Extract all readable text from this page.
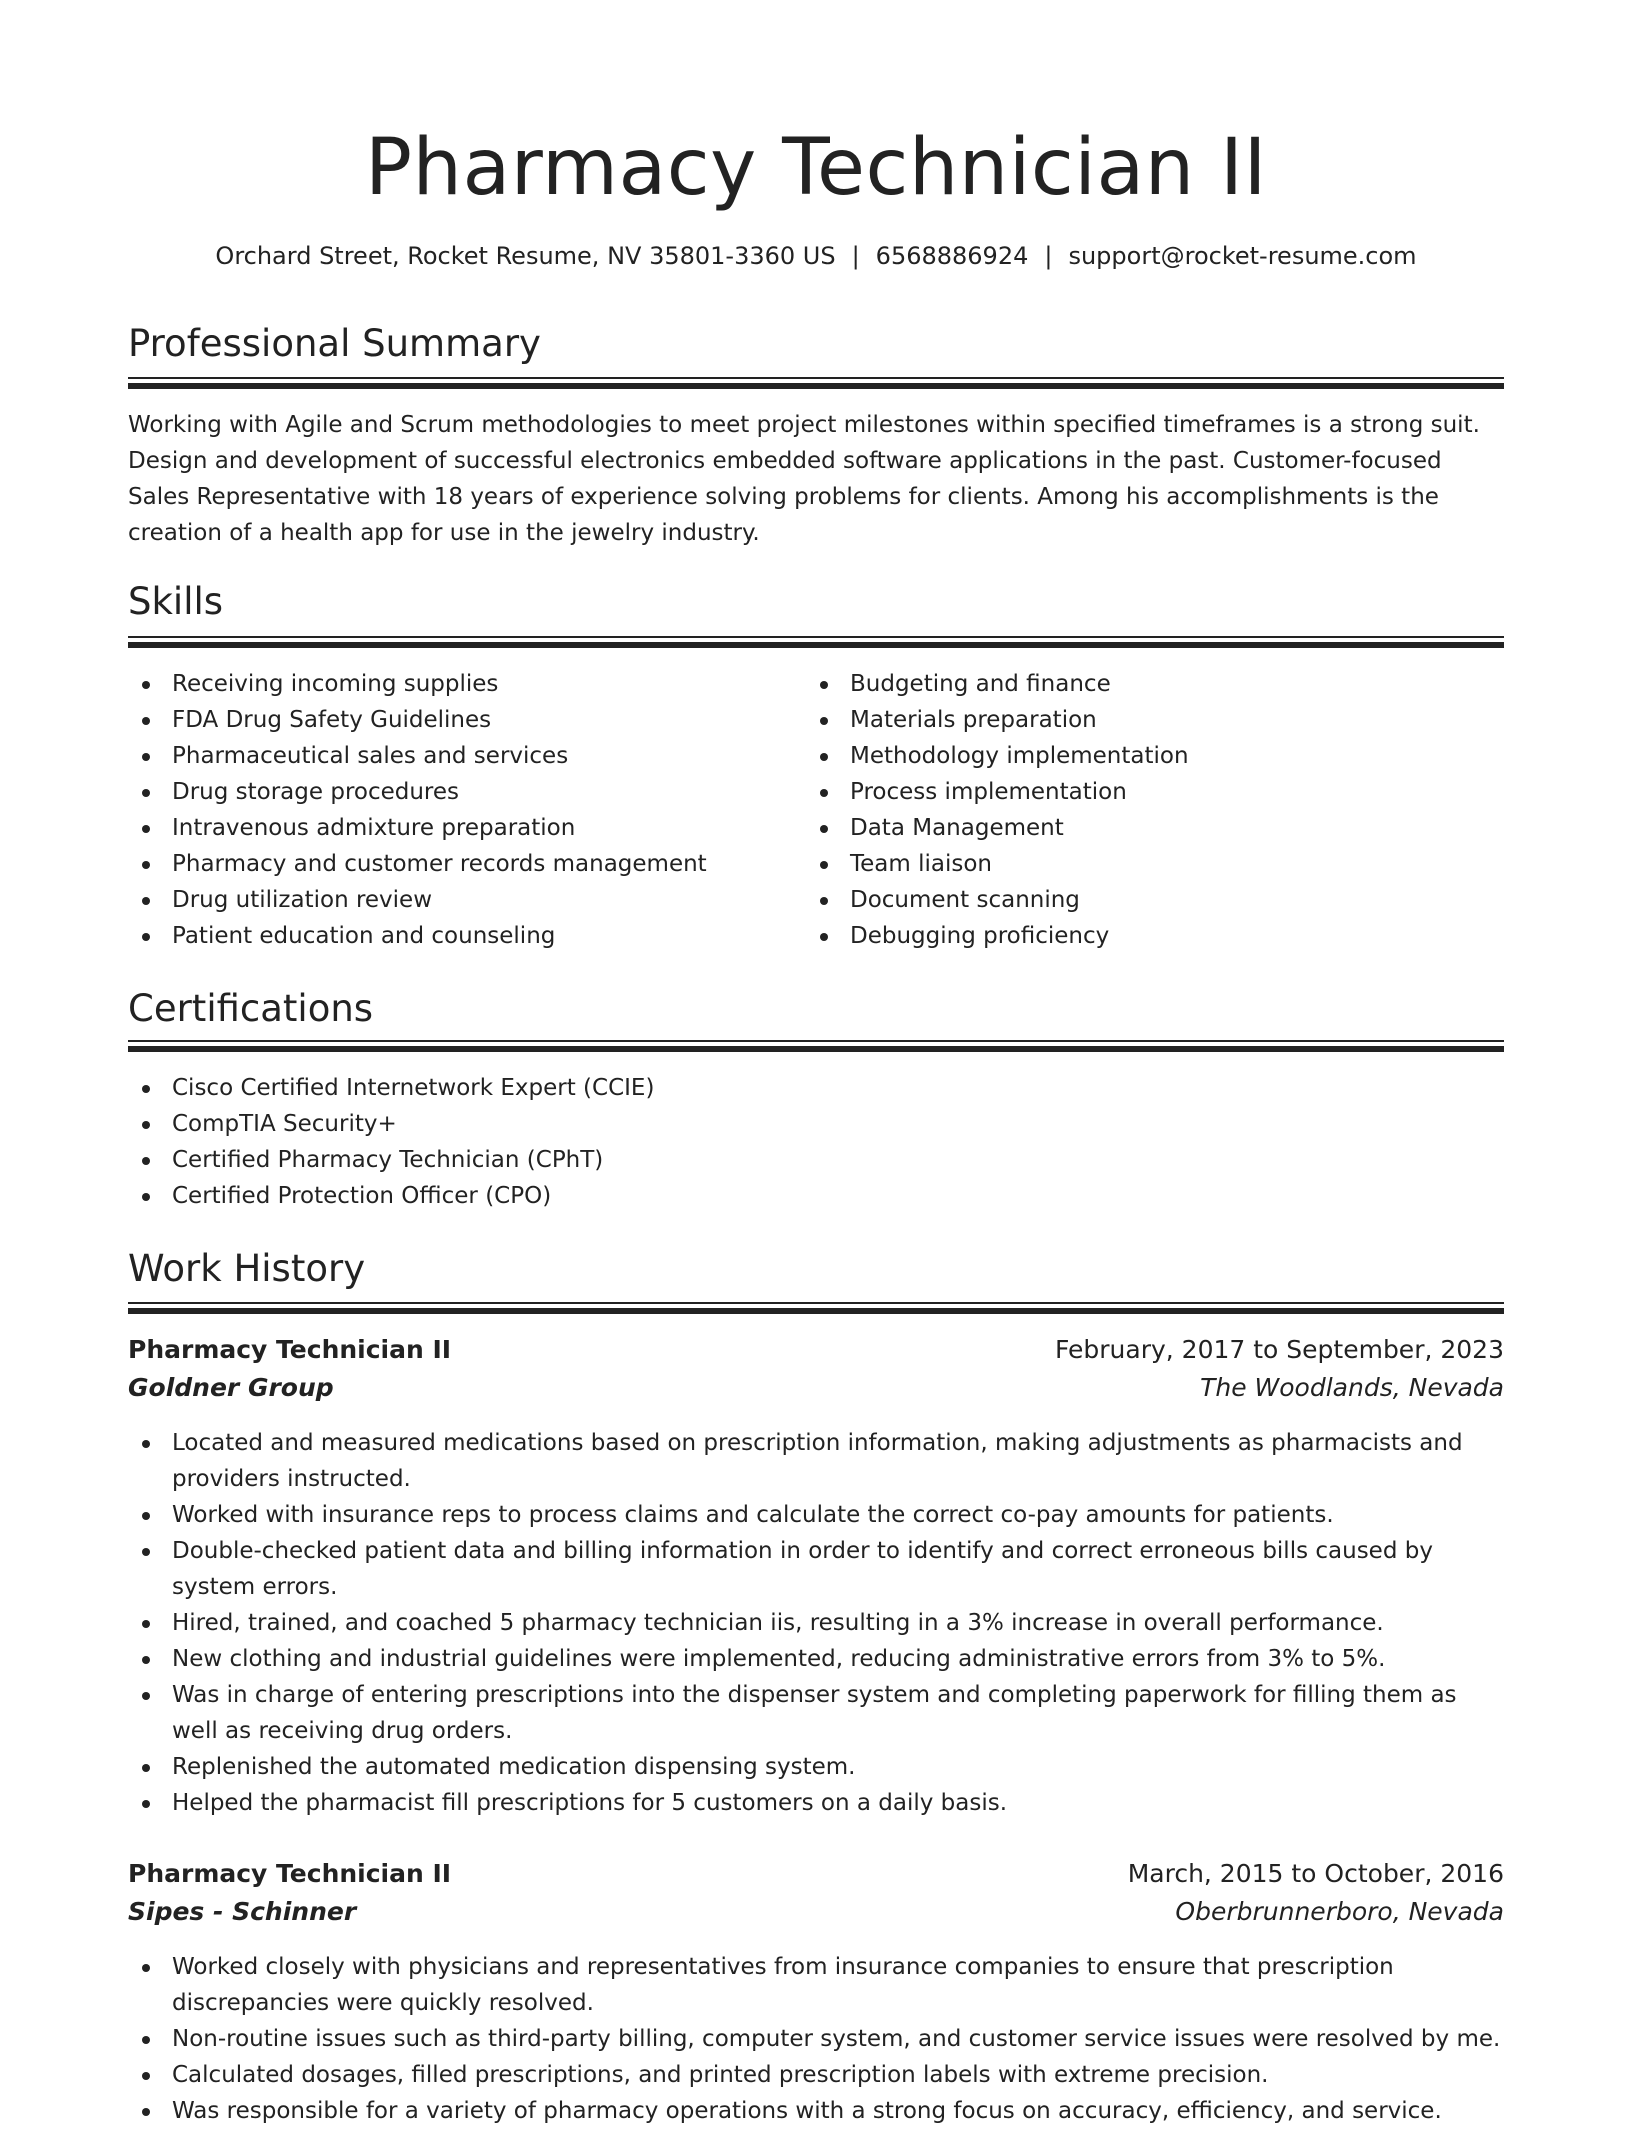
Pharmacy Technician II
Orchard Street, Rocket Resume, NV 35801-3360 US | 6568886924 | support@rocket-resume.com
Professional Summary

Working with Agile and Scrum methodologies to meet project milestones within specified timeframes is a strong suit. Design and development of successful electronics embedded software applications in the past. Customer-focused Sales Representative with 18 years of experience solving problems for clients. Among his accomplishments is the creation of a health app for use in the jewelry industry.

Skills
Receiving incoming supplies
FDA Drug Safety Guidelines
Pharmaceutical sales and services
Drug storage procedures
Intravenous admixture preparation
Pharmacy and customer records management
Drug utilization review
Patient education and counseling
Budgeting and finance
Materials preparation
Methodology implementation
Process implementation
Data Management
Team liaison
Document scanning
Debugging proficiency
Certifications
Cisco Certified Internetwork Expert (CCIE)
CompTIA Security+
Certified Pharmacy Technician (CPhT)
Certified Protection Officer (CPO)
Work History
Pharmacy Technician II	February, 2017 to September, 2023
Goldner Group	The Woodlands, Nevada
Located and measured medications based on prescription information, making adjustments as pharmacists and providers instructed.
Worked with insurance reps to process claims and calculate the correct co-pay amounts for patients.
Double-checked patient data and billing information in order to identify and correct erroneous bills caused by system errors.
Hired, trained, and coached 5 pharmacy technician iis, resulting in a 3% increase in overall performance.
New clothing and industrial guidelines were implemented, reducing administrative errors from 3% to 5%.
Was in charge of entering prescriptions into the dispenser system and completing paperwork for filling them as well as receiving drug orders.
Replenished the automated medication dispensing system.
Helped the pharmacist fill prescriptions for 5 customers on a daily basis.
Pharmacy Technician II	March, 2015 to October, 2016
Sipes - Schinner	Oberbrunnerboro, Nevada
Worked closely with physicians and representatives from insurance companies to ensure that prescription discrepancies were quickly resolved.
Non-routine issues such as third-party billing, computer system, and customer service issues were resolved by me.
Calculated dosages, filled prescriptions, and printed prescription labels with extreme precision.
Was responsible for a variety of pharmacy operations with a strong focus on accuracy, efficiency, and service.
